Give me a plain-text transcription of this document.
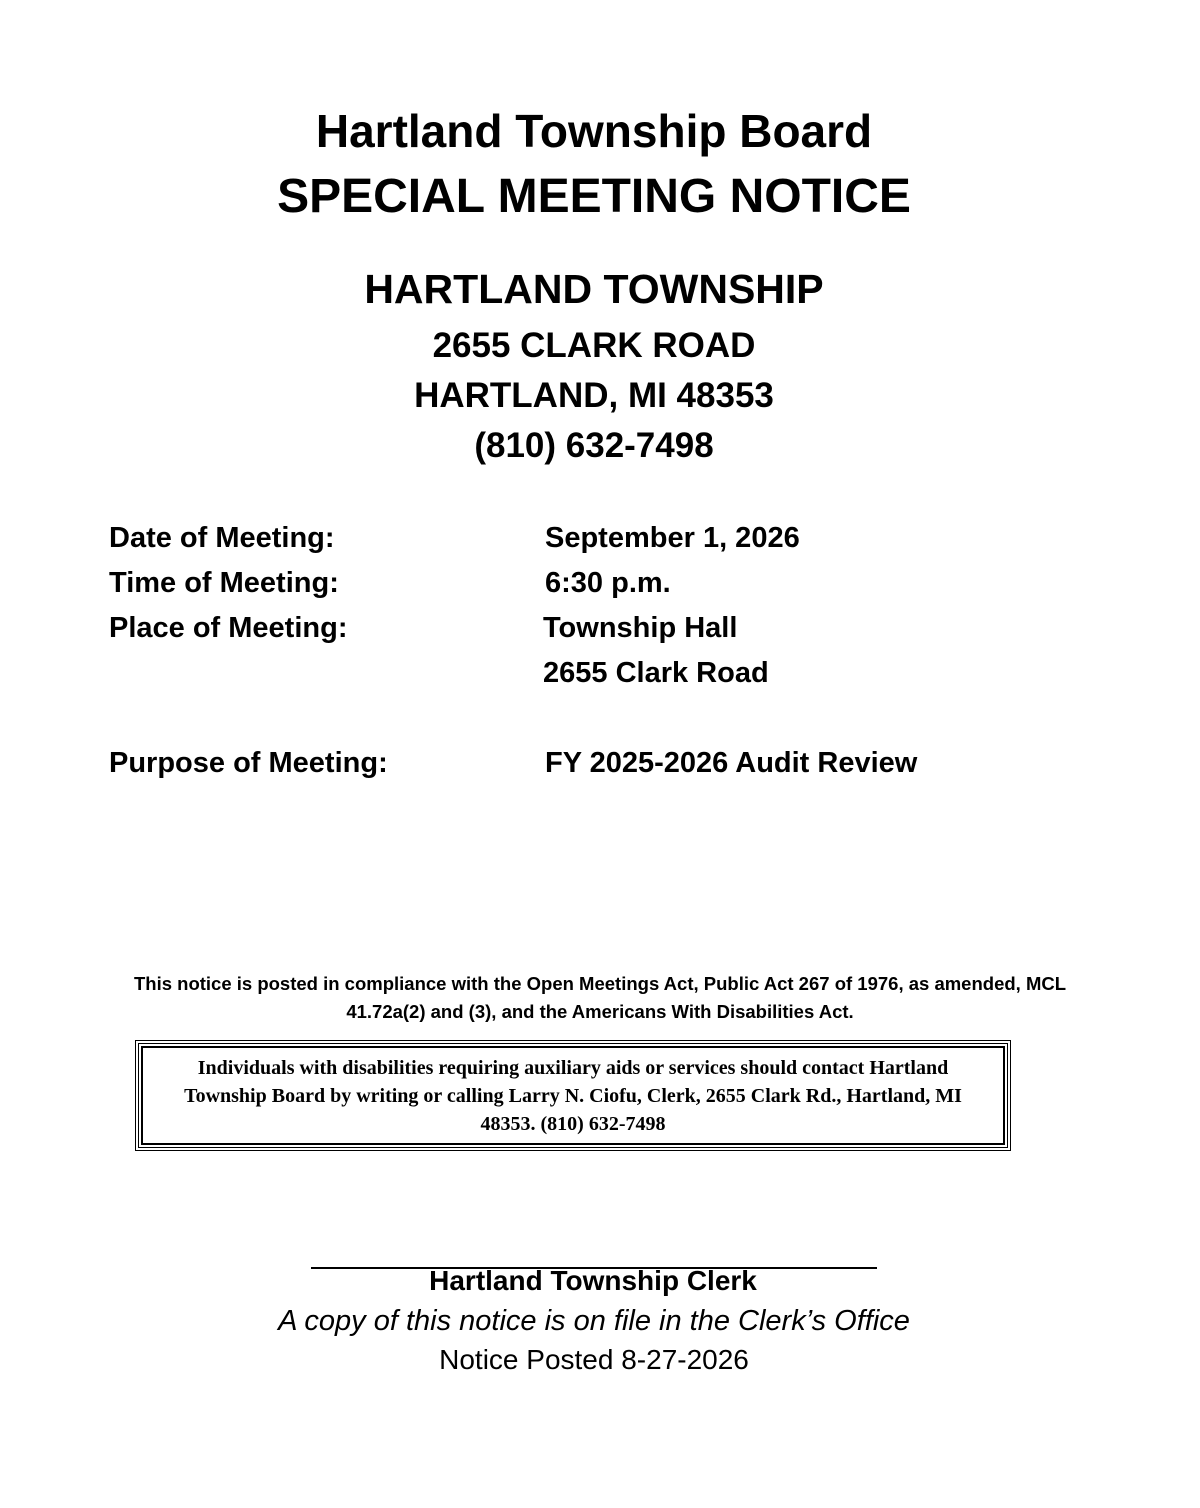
Hartland Township Board
SPECIAL MEETING NOTICE
HARTLAND TOWNSHIP
2655 CLARK ROAD
HARTLAND, MI 48353
(810) 632-7498
Date of Meeting:	September 1, 2026
Time of Meeting:	6:30 p.m.
Place of Meeting:	Township Hall
2655 Clark Road
Purpose of Meeting:	FY 2025-2026 Audit Review
This notice is posted in compliance with the Open Meetings Act, Public Act 267 of 1976, as amended, MCL 41.72a(2) and (3), and the Americans With Disabilities Act.
Individuals with disabilities requiring auxiliary aids or services should contact Hartland Township Board by writing or calling Larry N. Ciofu, Clerk, 2655 Clark Rd., Hartland, MI 48353. (810) 632-7498
Hartland Township Clerk
A copy of this notice is on file in the Clerk’s Office
Notice Posted 8-27-2026
